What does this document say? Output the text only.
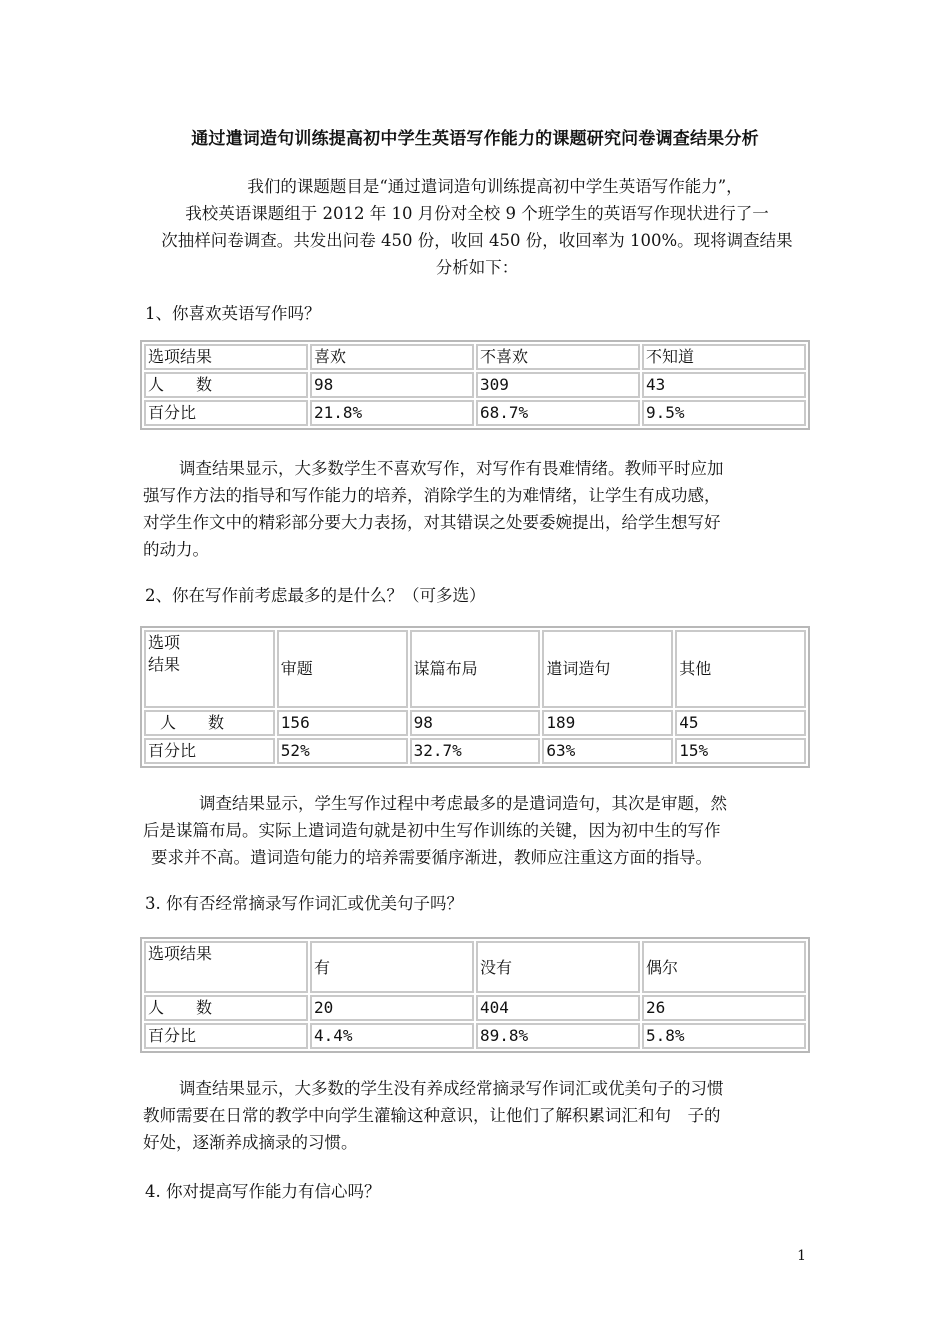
通过遣词造句训练提高初中学生英语写作能力的课题研究问卷调查结果分析
我们的课题题目是“通过遣词造句训练提高初中学生英语写作能力”，
我校英语课题组于 2012 年 10 月份对全校 9 个班学生的英语写作现状进行了一
次抽样问卷调查。共发出问卷 450 份，收回 450 份，收回率为 100%。现将调查结果
分析如下：
1、你喜欢英语写作吗？
选项结果	喜欢	不喜欢	不知道
人　　数	98	309	43
百分比	21.8%	68.7%	9.5%
调查结果显示，大多数学生不喜欢写作，对写作有畏难情绪。教师平时应加
强写作方法的指导和写作能力的培养，消除学生的为难情绪，让学生有成功感，
对学生作文中的精彩部分要大力表扬，对其错误之处要委婉提出，给学生想写好
的动力。
2、你在写作前考虑最多的是什么？（可多选）
选项
结果	审题	谋篇布局	遣词造句	其他
人　　数	156	98	189	45
百分比	52%	32.7%	63%	15%
调查结果显示，学生写作过程中考虑最多的是遣词造句，其次是审题，然
后是谋篇布局。实际上遣词造句就是初中生写作训练的关键，因为初中生的写作
要求并不高。遣词造句能力的培养需要循序渐进，教师应注重这方面的指导。
3. 你有否经常摘录写作词汇或优美句子吗？
选项结果	有	没有	偶尔
人　　数	20	404	26
百分比	4.4%	89.8%	5.8%
调查结果显示，大多数的学生没有养成经常摘录写作词汇或优美句子的习惯
教师需要在日常的教学中向学生灌输这种意识，让他们了解积累词汇和句　子的
好处，逐渐养成摘录的习惯。
4. 你对提高写作能力有信心吗？
1
